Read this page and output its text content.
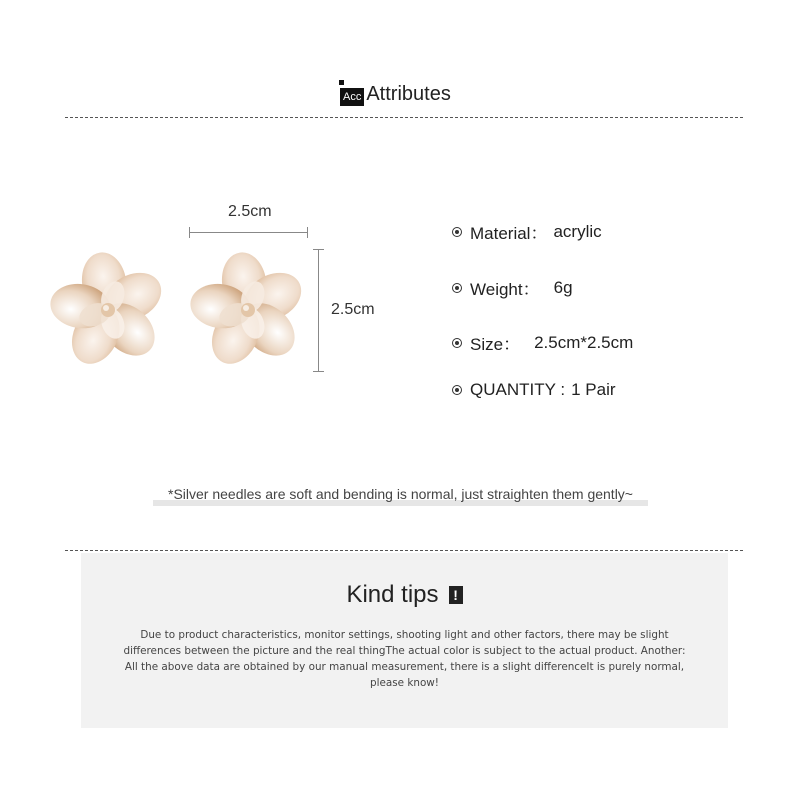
Acc Attributes
2.5cm
2.5cm
Material： acrylic
Weight： 6g
Size： 2.5cm*2.5cm
QUANTITY : 1 Pair
*Silver needles are soft and bending is normal, just straighten them gently~
Kind tips	!
Due to product characteristics, monitor settings, shooting light and other factors, there may be slight differences between the picture and the real thingThe actual color is subject to the actual product. Another: All the above data are obtained by our manual measurement, there is a slight differenceIt is purely normal, please know!
